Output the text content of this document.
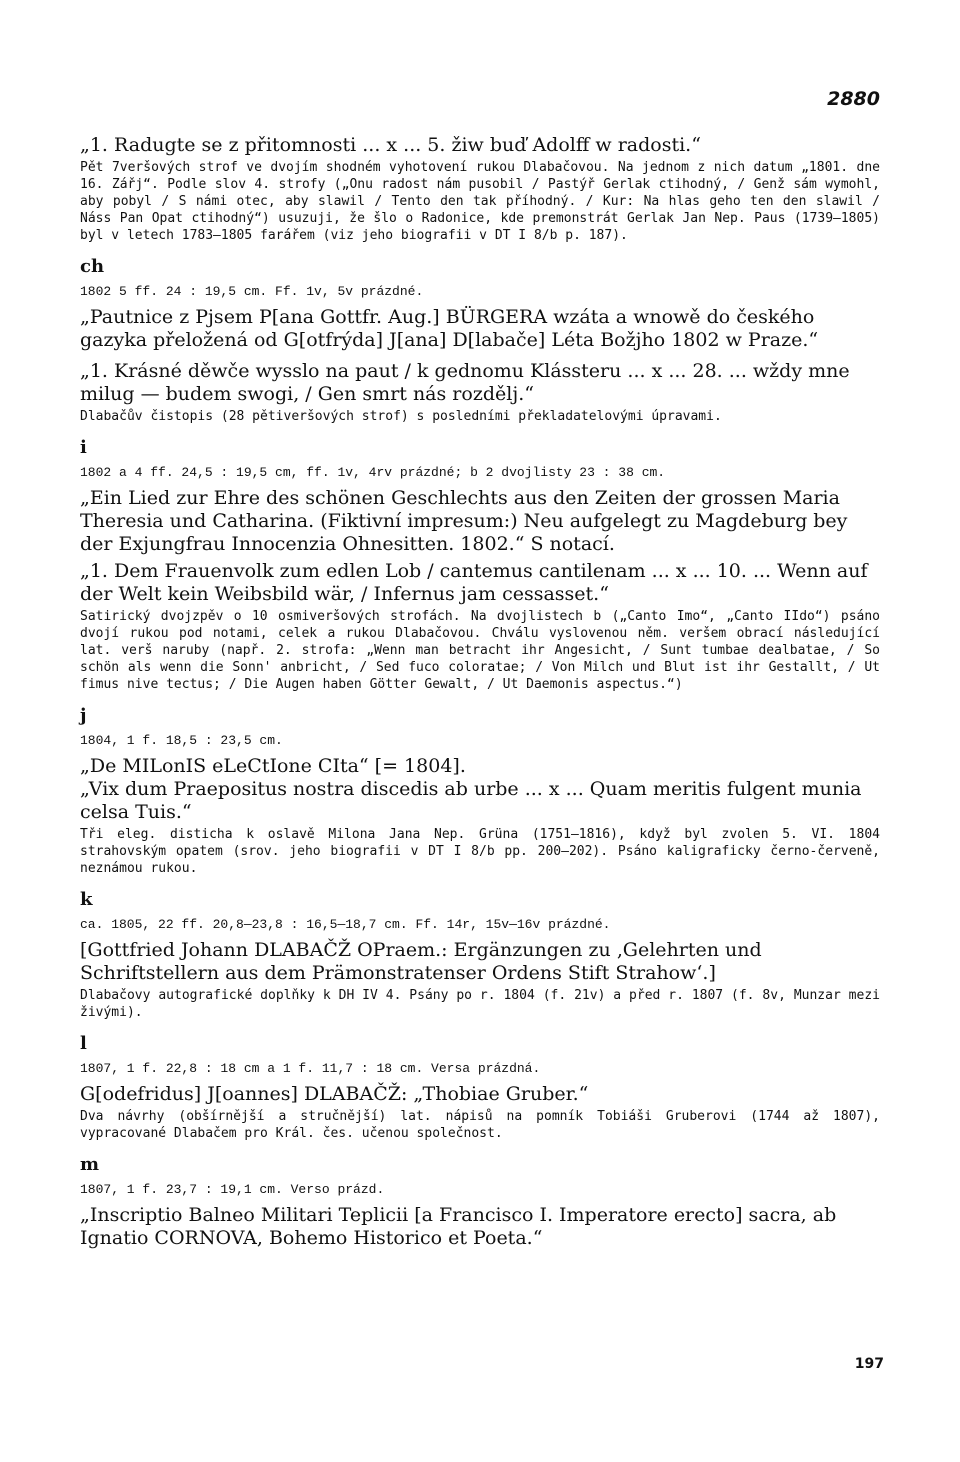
2880

„1. Radugte se z přitomnosti ... x ... 5. žiw buď Adolff w radosti.“

Pět 7veršových strof ve dvojím shodném vyhotovení rukou Dlabačovou. Na jednom z nich datum „1801. dne 16. Zářj“. Podle slov 4. strofy („Onu radost nám pusobil / Pastýř Gerlak ctihodný, / Genž sám wymohl, aby pobyl / S námi otec, aby slawil / Tento den tak příhodný. / Kur: Na hlas geho ten den slawil / Náss Pan Opat ctihodný“) usuzuji, že šlo o Radonice, kde premonstrát Gerlak Jan Nep. Paus (1739—1805) byl v letech 1783—1805 farářem (viz jeho biografii v DT I 8/b p. 187).

ch
1802 5 ff. 24 : 19,5 cm. Ff. 1v, 5v prázdné.

„Pautnice z Pjsem P[ana Gottfr. Aug.] BÜRGERA wzáta a wnowě do českého gazyka přeložená od G[otfrýda] J[ana] D[labače] Léta Božjho 1802 w Praze.“

„1. Krásné děwče wysslo na paut / k gednomu Klássteru ... x ... 28. ... wždy mne milug — budem swogi, / Gen smrt nás rozdělj.“

Dlabačův čistopis (28 pětiveršových strof) s posledními překladatelovými úpravami.

i
1802 a 4 ff. 24,5 : 19,5 cm, ff. 1v, 4rv prázdné; b 2 dvojlisty 23 : 38 cm.

„Ein Lied zur Ehre des schönen Geschlechts aus den Zeiten der grossen Maria Theresia und Catharina. (Fiktivní impresum:) Neu aufgelegt zu Magdeburg bey der Exjungfrau Innocenzia Ohnesitten. 1802.“ S notací.

„1. Dem Frauenvolk zum edlen Lob / cantemus cantilenam ... x ... 10. ... Wenn auf der Welt kein Weibsbild wär, / Infernus jam cessasset.“

Satirický dvojzpěv o 10 osmiveršových strofách. Na dvojlistech b („Canto Imo“, „Canto IIdo“) psáno dvojí rukou pod notami, celek a rukou Dlabačovou. Chválu vyslovenou něm. veršem obrací následující lat. verš naruby (např. 2. strofa: „Wenn man betracht ihr Angesicht, / Sunt tumbae dealbatae, / So schön als wenn die Sonn' anbricht, / Sed fuco coloratae; / Von Milch und Blut ist ihr Gestallt, / Ut fimus nive tectus; / Die Augen haben Götter Gewalt, / Ut Daemonis aspectus.“)

j
1804, 1 f. 18,5 : 23,5 cm.

„De MILonIS eLeCtIone CIta“ [= 1804].

„Vix dum Praepositus nostra discedis ab urbe ... x ... Quam meritis fulgent munia celsa Tuis.“

Tři eleg. disticha k oslavě Milona Jana Nep. Grüna (1751—1816), když byl zvolen 5. VI. 1804 strahovským opatem (srov. jeho biografii v DT I 8/b pp. 200—202). Psáno kaligraficky černo-červeně, neznámou rukou.

k
ca. 1805, 22 ff. 20,8—23,8 : 16,5—18,7 cm. Ff. 14r, 15v—16v prázdné.

[Gottfried Johann DLABAČŽ OPraem.: Ergänzungen zu ‚Gelehrten und Schriftstellern aus dem Prämonstratenser Ordens Stift Strahow‘.]

Dlabačovy autografické doplňky k DH IV 4. Psány po r. 1804 (f. 21v) a před r. 1807 (f. 8v, Munzar mezi živými).

l
1807, 1 f. 22,8 : 18 cm a 1 f. 11,7 : 18 cm. Versa prázdná.

G[odefridus] J[oannes] DLABAČŽ: „Thobiae Gruber.“

Dva návrhy (obšírnější a stručnější) lat. nápisů na pomník Tobiáši Gruberovi (1744 až 1807), vypracované Dlabačem pro Král. čes. učenou společnost.

m
1807, 1 f. 23,7 : 19,1 cm. Verso prázd.

„Inscriptio Balneo Militari Teplicii [a Francisco I. Imperatore erecto] sacra, ab Ignatio CORNOVA, Bohemo Historico et Poeta.“

197
